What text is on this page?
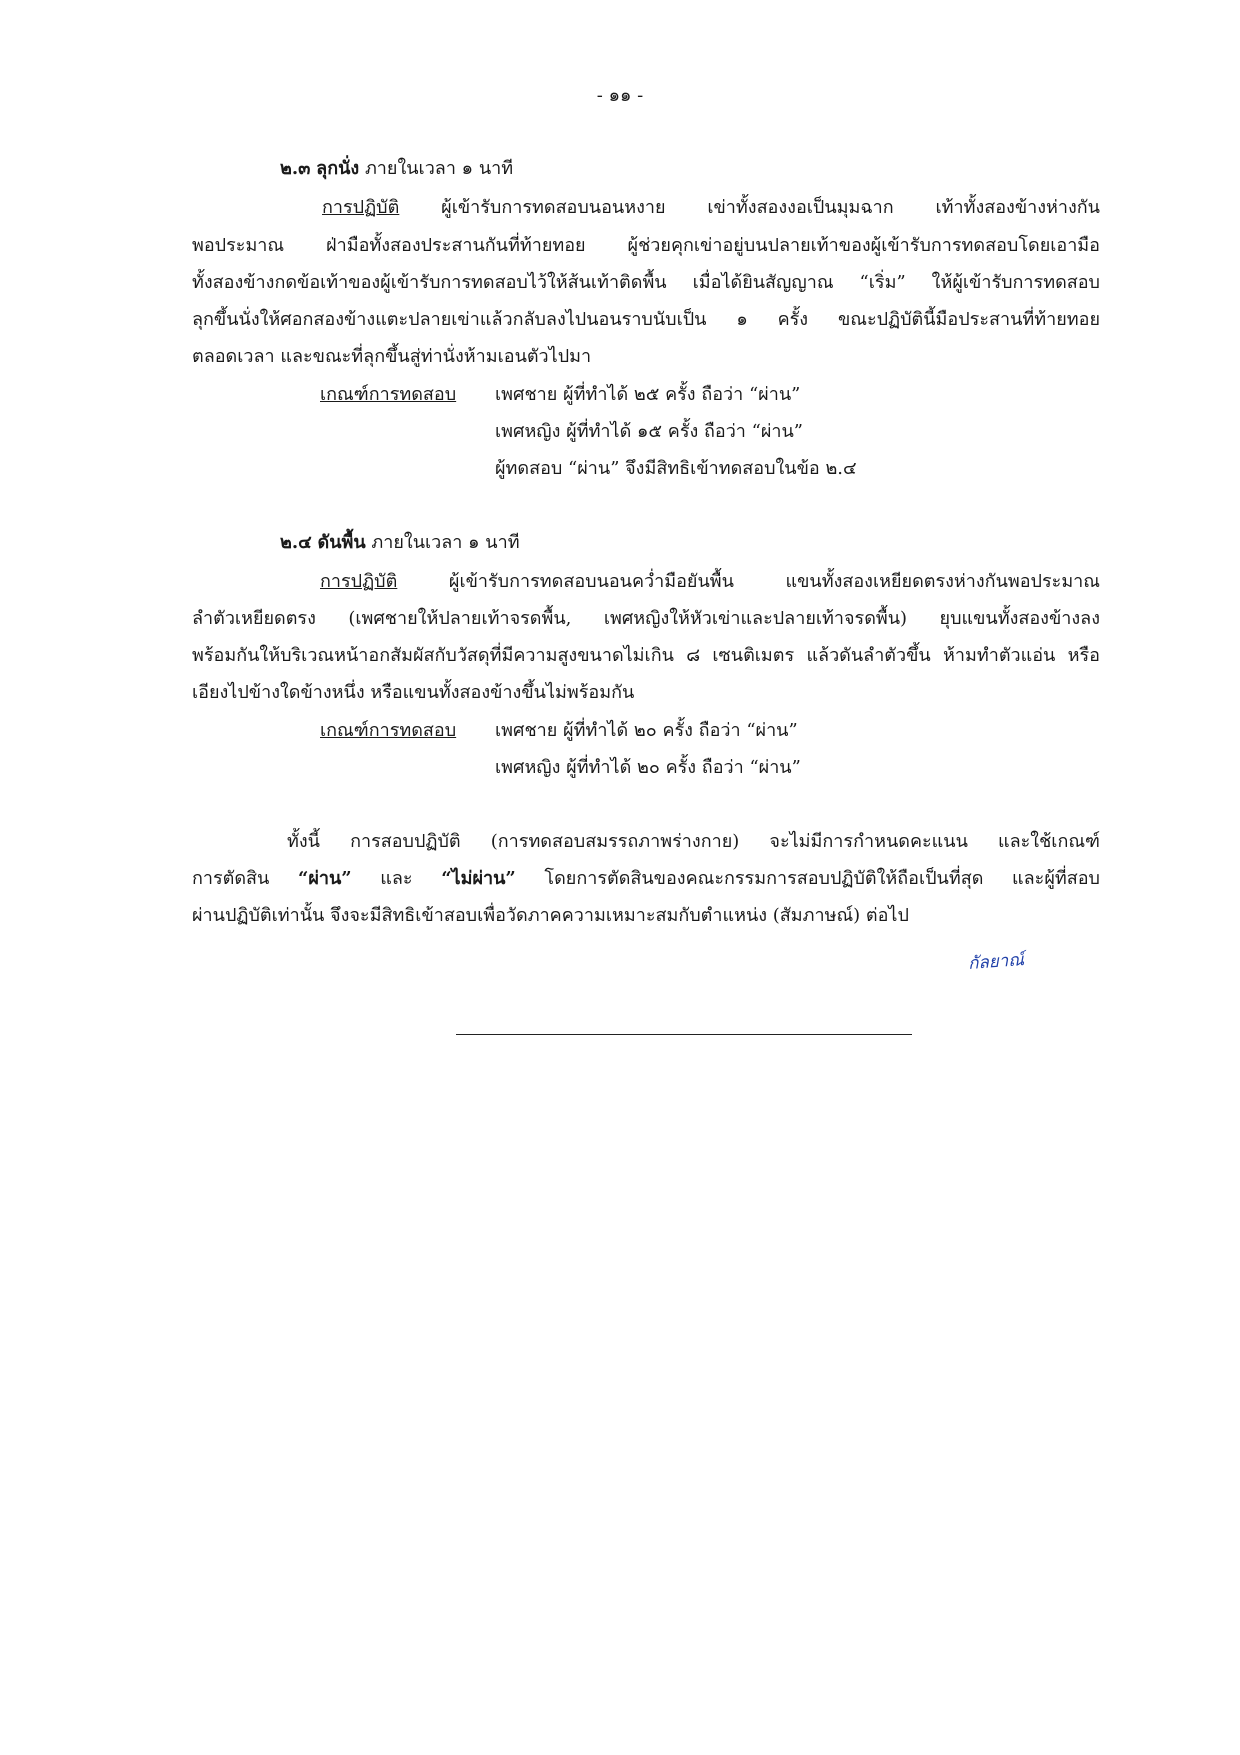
- ๑๑ -
๒.๓ ลุกนั่ง ภายในเวลา ๑ นาที
การปฏิบัติ ผู้เข้ารับการทดสอบนอนหงาย เข่าทั้งสองงอเป็นมุมฉาก เท้าทั้งสองข้างห่างกัน
พอประมาณ ฝ่ามือทั้งสองประสานกันที่ท้ายทอย ผู้ช่วยคุกเข่าอยู่บนปลายเท้าของผู้เข้ารับการทดสอบโดยเอามือ
ทั้งสองข้างกดข้อเท้าของผู้เข้ารับการทดสอบไว้ให้ส้นเท้าติดพื้น เมื่อได้ยินสัญญาณ “เริ่ม” ให้ผู้เข้ารับการทดสอบ
ลุกขึ้นนั่งให้ศอกสองข้างแตะปลายเข่าแล้วกลับลงไปนอนราบนับเป็น ๑ ครั้ง ขณะปฏิบัตินี้มือประสานที่ท้ายทอย
ตลอดเวลา และขณะที่ลุกขึ้นสู่ท่านั่งห้ามเอนตัวไปมา
เกณฑ์การทดสอบ เพศชาย ผู้ที่ทำได้ ๒๕ ครั้ง ถือว่า “ผ่าน”
เพศหญิง ผู้ที่ทำได้ ๑๕ ครั้ง ถือว่า “ผ่าน”
ผู้ทดสอบ “ผ่าน” จึงมีสิทธิเข้าทดสอบในข้อ ๒.๔
๒.๔ ดันพื้น ภายในเวลา ๑ นาที
การปฏิบัติ	ผู้เข้ารับการทดสอบนอนคว่ำมือยันพื้น แขนทั้งสองเหยียดตรงห่างกันพอประมาณ
ลำตัวเหยียดตรง (เพศชายให้ปลายเท้าจรดพื้น, เพศหญิงให้หัวเข่าและปลายเท้าจรดพื้น) ยุบแขนทั้งสองข้างลง
พร้อมกันให้บริเวณหน้าอกสัมผัสกับวัสดุที่มีความสูงขนาดไม่เกิน ๘ เซนติเมตร แล้วดันลำตัวขึ้น ห้ามทำตัวแอ่น หรือ
เอียงไปข้างใดข้างหนึ่ง หรือแขนทั้งสองข้างขึ้นไม่พร้อมกัน
เกณฑ์การทดสอบ เพศชาย ผู้ที่ทำได้ ๒๐ ครั้ง ถือว่า “ผ่าน”
เพศหญิง ผู้ที่ทำได้ ๒๐ ครั้ง ถือว่า “ผ่าน”
ทั้งนี้ การสอบปฏิบัติ (การทดสอบสมรรถภาพร่างกาย) จะไม่มีการกำหนดคะแนน และใช้เกณฑ์
การตัดสิน “ผ่าน” และ “ไม่ผ่าน” โดยการตัดสินของคณะกรรมการสอบปฏิบัติให้ถือเป็นที่สุด และผู้ที่สอบ
ผ่านปฏิบัติเท่านั้น จึงจะมีสิทธิเข้าสอบเพื่อวัดภาคความเหมาะสมกับตำแหน่ง (สัมภาษณ์) ต่อไป
กัลยาณ์
